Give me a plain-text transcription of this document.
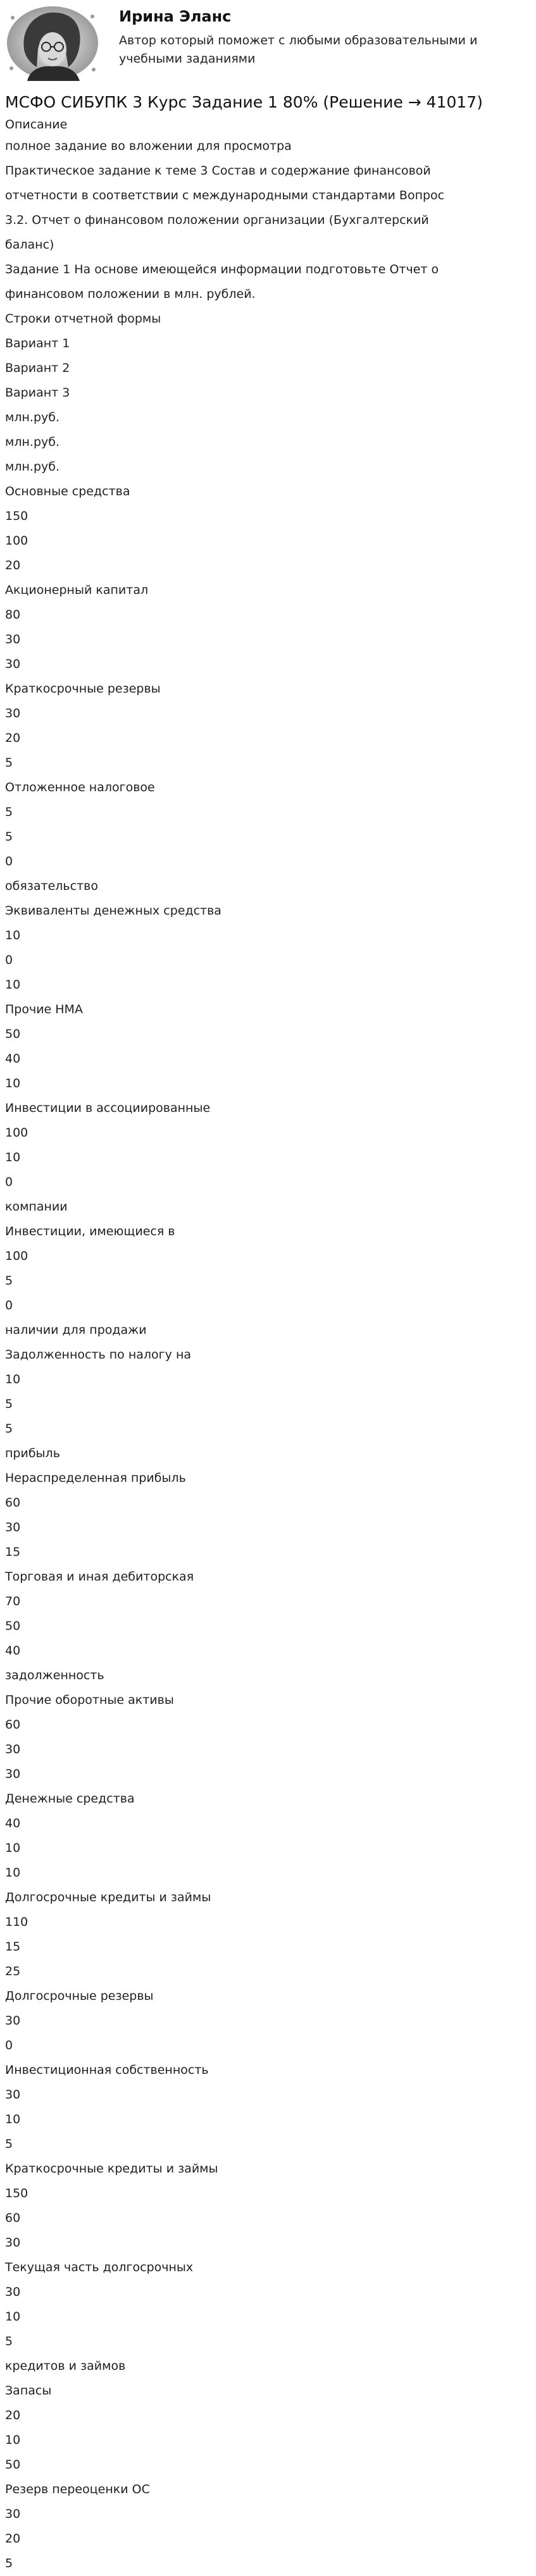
Ирина Эланс
Автор который поможет с любыми образовательными и учебными заданиями
МСФО СИБУПК 3 Курс Задание 1 80% (Решение → 41017)
Описание
полное задание во вложении для просмотра
Практическое задание к теме 3 Состав и содержание финансовой
отчетности в соответствии с международными стандартами Вопрос
3.2. Отчет о финансовом положении организации (Бухгалтерский
баланс)
Задание 1 На основе имеющейся информации подготовьте Отчет о
финансовом положении в млн. рублей.
Строки отчетной формы
Вариант 1
Вариант 2
Вариант 3
млн.руб.
млн.руб.
млн.руб.
Основные средства
150
100
20
Акционерный капитал
80
30
30
Краткосрочные резервы
30
20
5
Отложенное налоговое
5
5
0
обязательство
Эквиваленты денежных средства
10
0
10
Прочие НМА
50
40
10
Инвестиции в ассоциированные
100
10
0
компании
Инвестиции, имеющиеся в
100
5
0
наличии для продажи
Задолженность по налогу на
10
5
5
прибыль
Нераспределенная прибыль
60
30
15
Торговая и иная дебиторская
70
50
40
задолженность
Прочие оборотные активы
60
30
30
Денежные средства
40
10
10
Долгосрочные кредиты и займы
110
15
25
Долгосрочные резервы
30
0
Инвестиционная собственность
30
10
5
Краткосрочные кредиты и займы
150
60
30
Текущая часть долгосрочных
30
10
5
кредитов и займов
Запасы
20
10
50
Резерв переоценки ОС
30
20
5
